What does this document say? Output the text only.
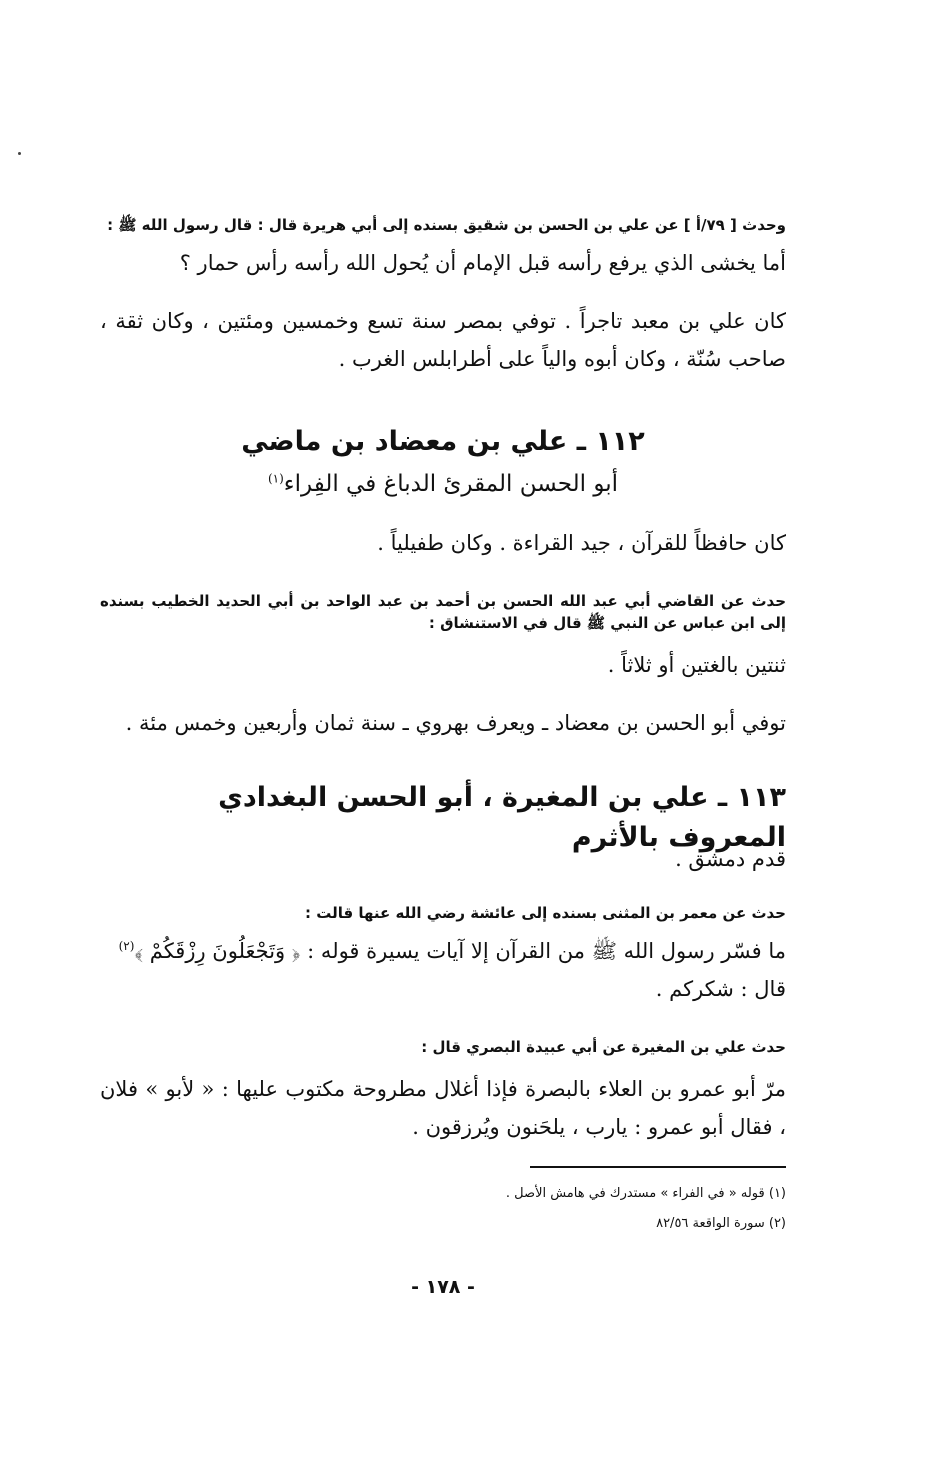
وحدث [ ٧٩/أ ] عن علي بن الحسن بن شقيق بسنده إلى أبي هريرة قال : قال رسول الله ﷺ :
أما يخشى الذي يرفع رأسه قبل الإمام أن يُحول الله رأسه رأس حمار ؟
كان علي بن معبد تاجراً . توفي بمصر سنة تسع وخمسين ومئتين ، وكان ثقة ، صاحب سُنّة ، وكان أبوه والياً على أطرابلس الغرب .
١١٢ ـ علي بن معضاد بن ماضي
أبو الحسن المقرئ الدباغ في الفِراء$^{(١)}$
كان حافظاً للقرآن ، جيد القراءة . وكان طفيلياً .
حدث عن القاضي أبي عبد الله الحسن بن أحمد بن عبد الواحد بن أبي الحديد الخطيب بسنده إلى ابن عباس عن النبي ﷺ قال في الاستنشاق :
ثنتين بالغتين أو ثلاثاً .
توفي أبو الحسن بن معضاد ـ ويعرف بهروي ـ سنة ثمان وأربعين وخمس مئة .
١١٣ ـ علي بن المغيرة ، أبو الحسن البغدادي المعروف بالأثرم
قدم دمشق .
حدث عن معمر بن المثنى بسنده إلى عائشة رضي الله عنها قالت :
ما فسّر رسول الله ﷺ من القرآن إلا آيات يسيرة قوله : ﴿ وَتَجْعَلُونَ رِزْقَكُمْ ﴾$^{(٢)}$
قال : شكركم .
حدث علي بن المغيرة عن أبي عبيدة البصري قال :
مرّ أبو عمرو بن العلاء بالبصرة فإذا أغلال مطروحة مكتوب عليها : « لأبو » فلان ، فقال أبو عمرو : يارب ، يلحَنون ويُرزقون .
(١) قوله « في الفراء » مستدرك في هامش الأصل .
(٢) سورة الواقعة ٨٢/٥٦
- ١٧٨ -
